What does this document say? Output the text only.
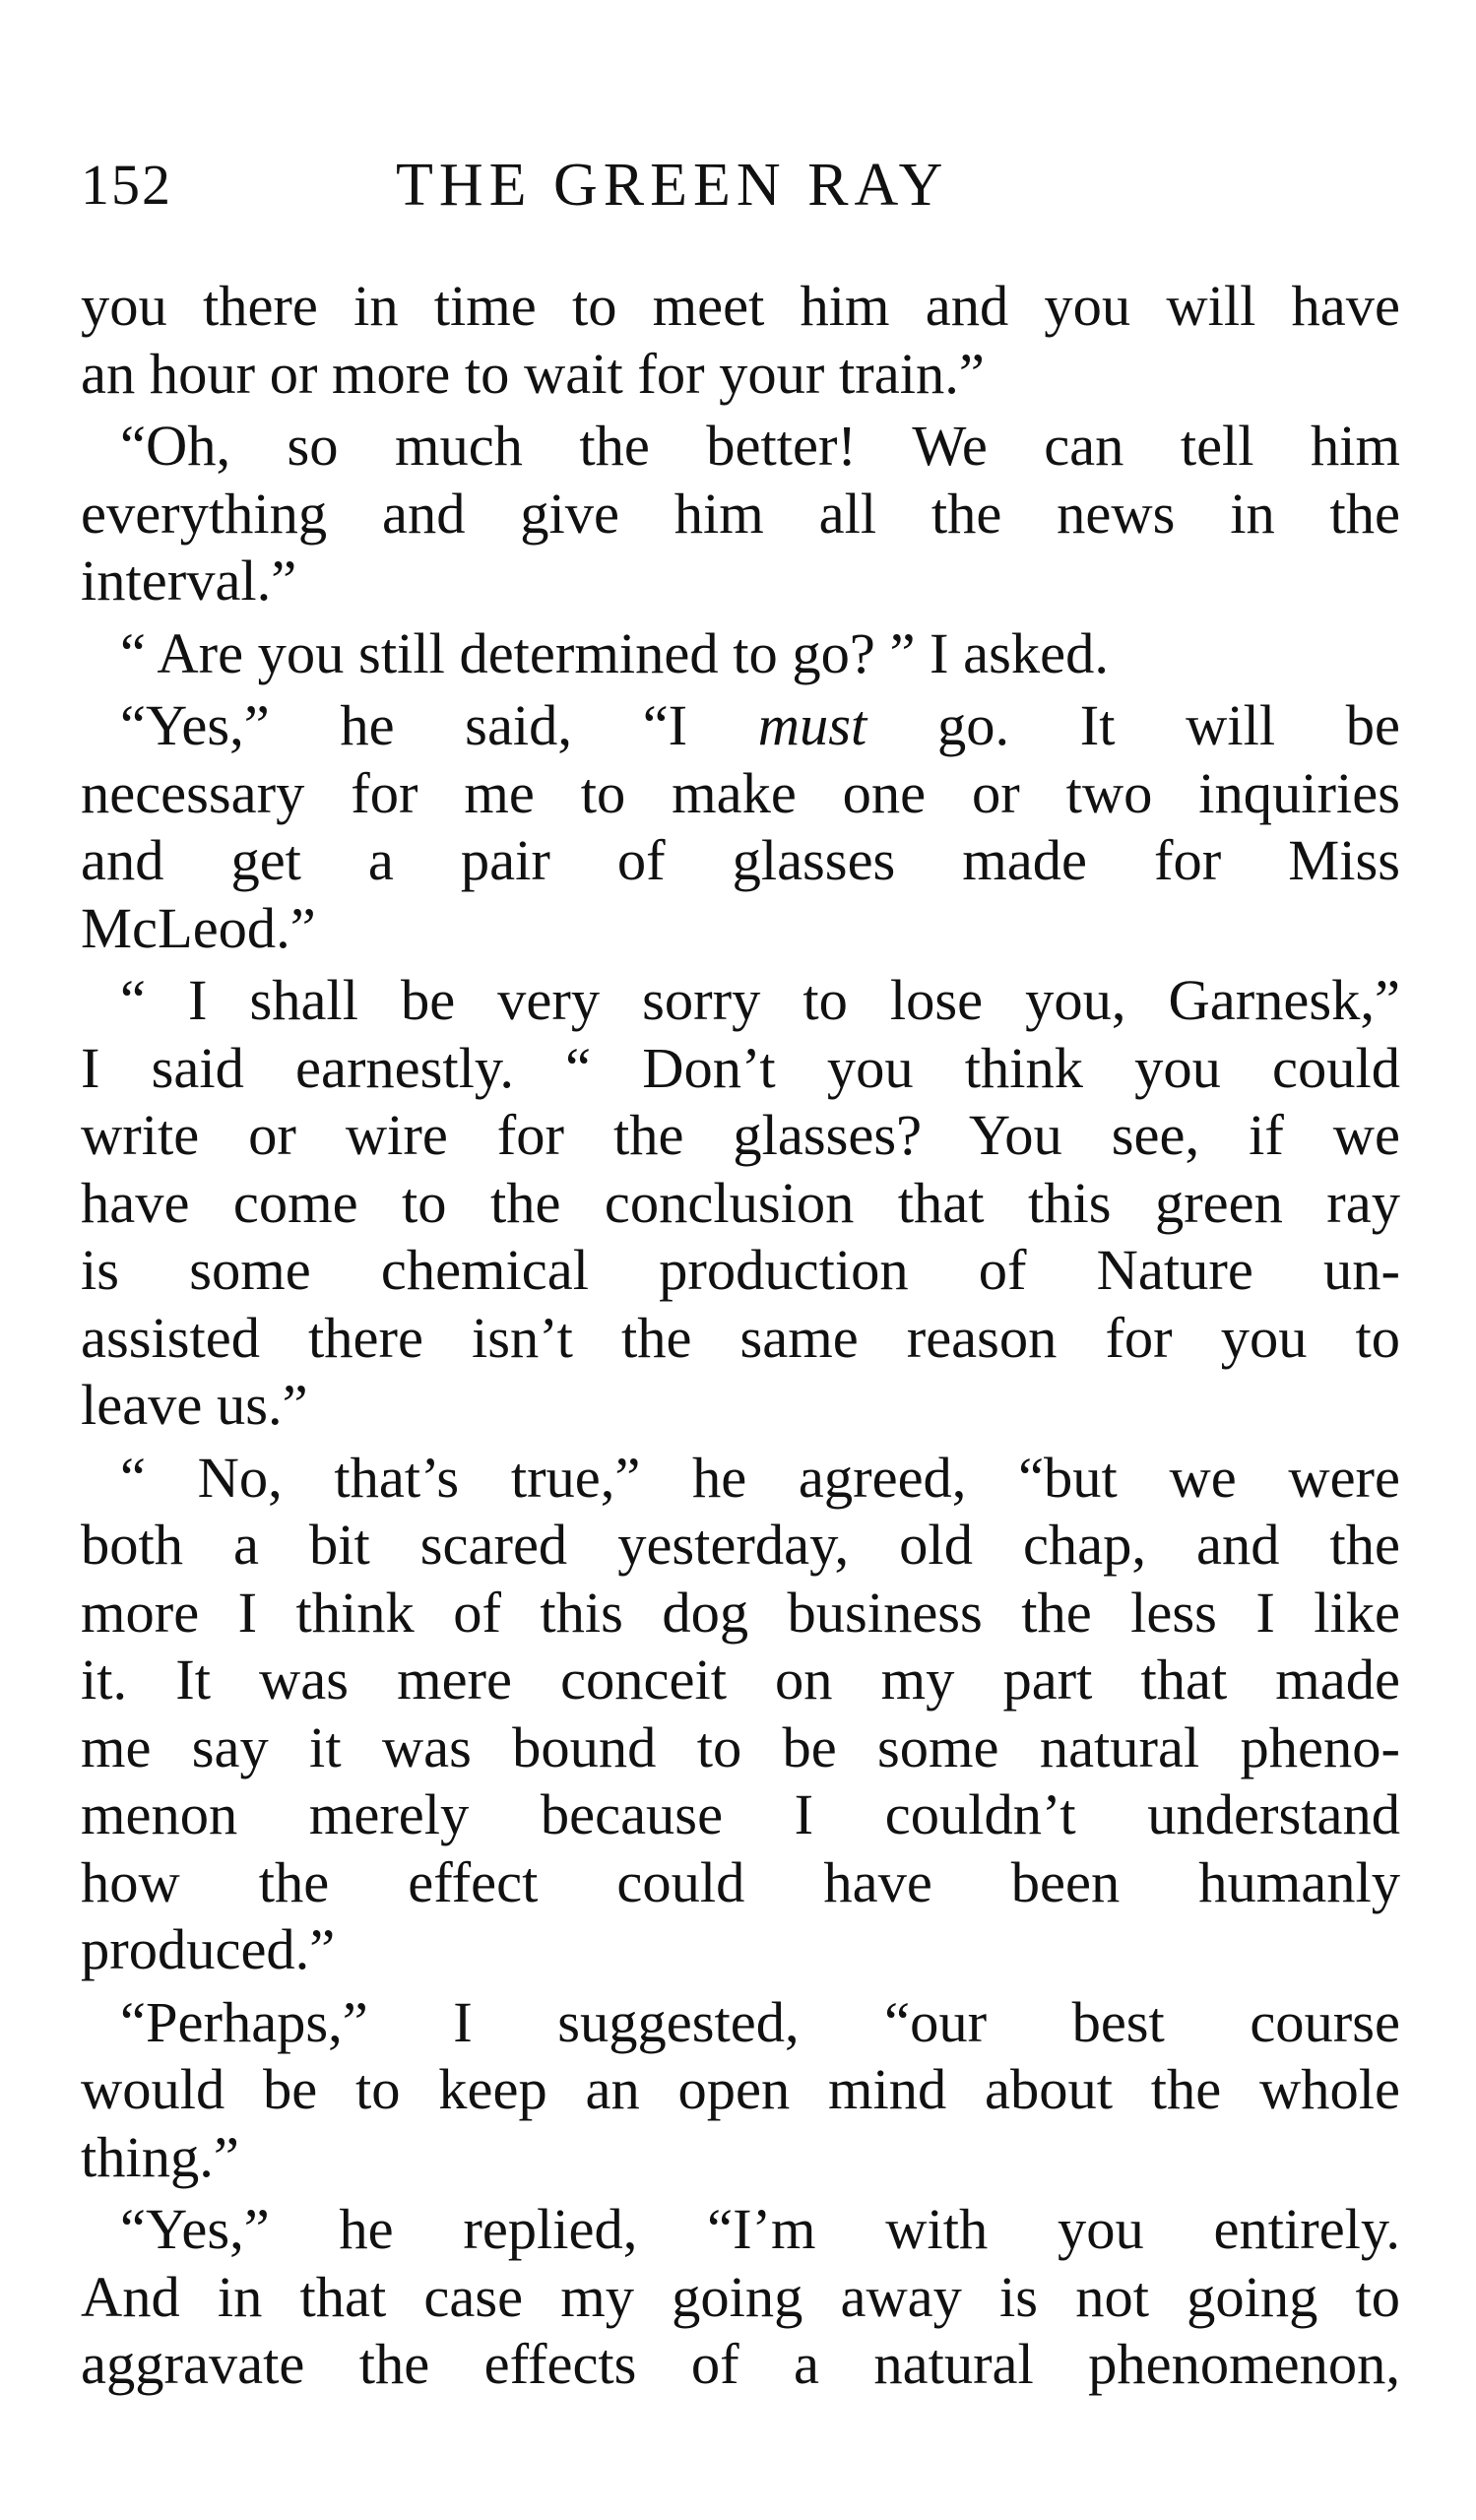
152	THE GREEN RAY
you there in time to meet him and you will have
an hour or more to wait for your train.”
“Oh, so much the better! We can tell him
everything and give him all the news in the
interval.”
“ Are you still determined to go? ” I asked.
“Yes,” he said, “I must go. It will be
necessary for me to make one or two inquiries
and get a pair of glasses made for Miss
McLeod.”
“ I shall be very sorry to lose you, Garnesk,”
I said earnestly. “ Don’t you think you could
write or wire for the glasses? You see, if we
have come to the conclusion that this green ray
is some chemical production of Nature un-
assisted there isn’t the same reason for you to
leave us.”
“ No, that’s true,” he agreed, “but we were
both a bit scared yesterday, old chap, and the
more I think of this dog business the less I like
it. It was mere conceit on my part that made
me say it was bound to be some natural pheno-
menon merely because I couldn’t understand
how the effect could have been humanly
produced.”
“Perhaps,” I suggested, “our best course
would be to keep an open mind about the whole
thing.”
“Yes,” he replied, “I’m with you entirely.
And in that case my going away is not going to
aggravate the effects of a natural phenomenon,
